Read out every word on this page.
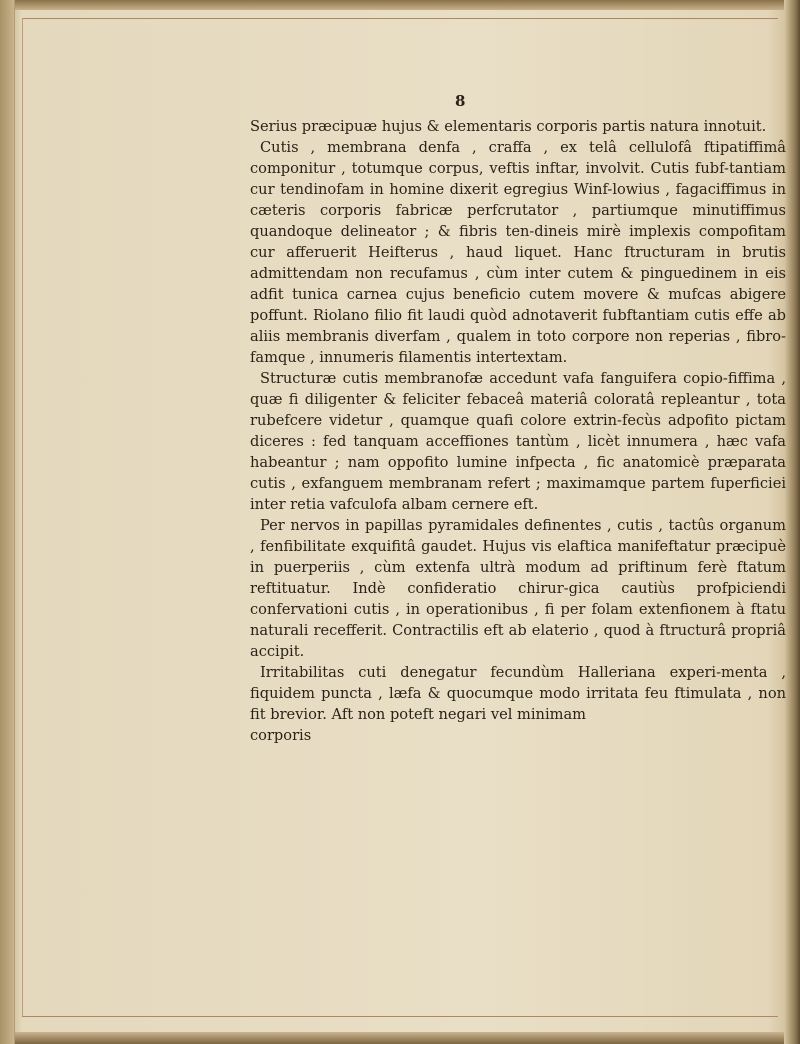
8

Serius præcipuæ hujus & elementaris corporis partis natura innotuit.

Cutis , membrana denfa , craffa , ex telâ cellulofâ ftipatiffimâ componitur , totumque corpus, veftis inftar, involvit. Cutis fubf-tantiam cur tendinofam in homine dixerit egregius Winf-lowius , fagaciffimus in cæteris corporis fabricæ perfcrutator , partiumque minutiffimus quandoque delineator ; & fibris ten-dineis mirè implexis compofitam cur afferuerit Heifterus , haud liquet. Hanc ftructuram in brutis admittendam non recufamus , cùm inter cutem & pinguedinem in eis adfit tunica carnea cujus beneficio cutem movere & mufcas abigere poffunt. Riolano filio fit laudi quòd adnotaverit fubftantiam cutis effe ab aliis membranis diverfam , qualem in toto corpore non reperias , fibro-famque , innumeris filamentis intertextam.

Structuræ cutis membranofæ accedunt vafa fanguifera copio-fiffima , quæ fi diligenter & feliciter febaceâ materiâ coloratâ repleantur , tota rubefcere videtur , quamque quafi colore extrin-fecùs adpofito pictam diceres : fed tanquam acceffiones tantùm , licèt innumera , hæc vafa habeantur ; nam oppofito lumine infpecta , fic anatomicè præparata cutis , exfanguem membranam refert ; maximamque partem fuperficiei inter retia vafculofa albam cernere eft.

Per nervos in papillas pyramidales definentes , cutis , tactûs organum , fenfibilitate exquifitâ gaudet. Hujus vis elaftica manifeftatur præcipuè in puerperiis , cùm extenfa ultrà modum ad priftinum ferè ftatum reftituatur. Indè confideratio chirur-gica cautiùs profpiciendi confervationi cutis , in operationibus , fi per folam extenfionem à ftatu naturali recefferit. Contractilis eft ab elaterio , quod à ftructurâ propriâ accipit.

Irritabilitas cuti denegatur fecundùm Halleriana experi-menta , fiquidem puncta , læfa & quocumque modo irritata feu ftimulata , non fit brevior. Aft non poteft negari vel minimam

corporis
